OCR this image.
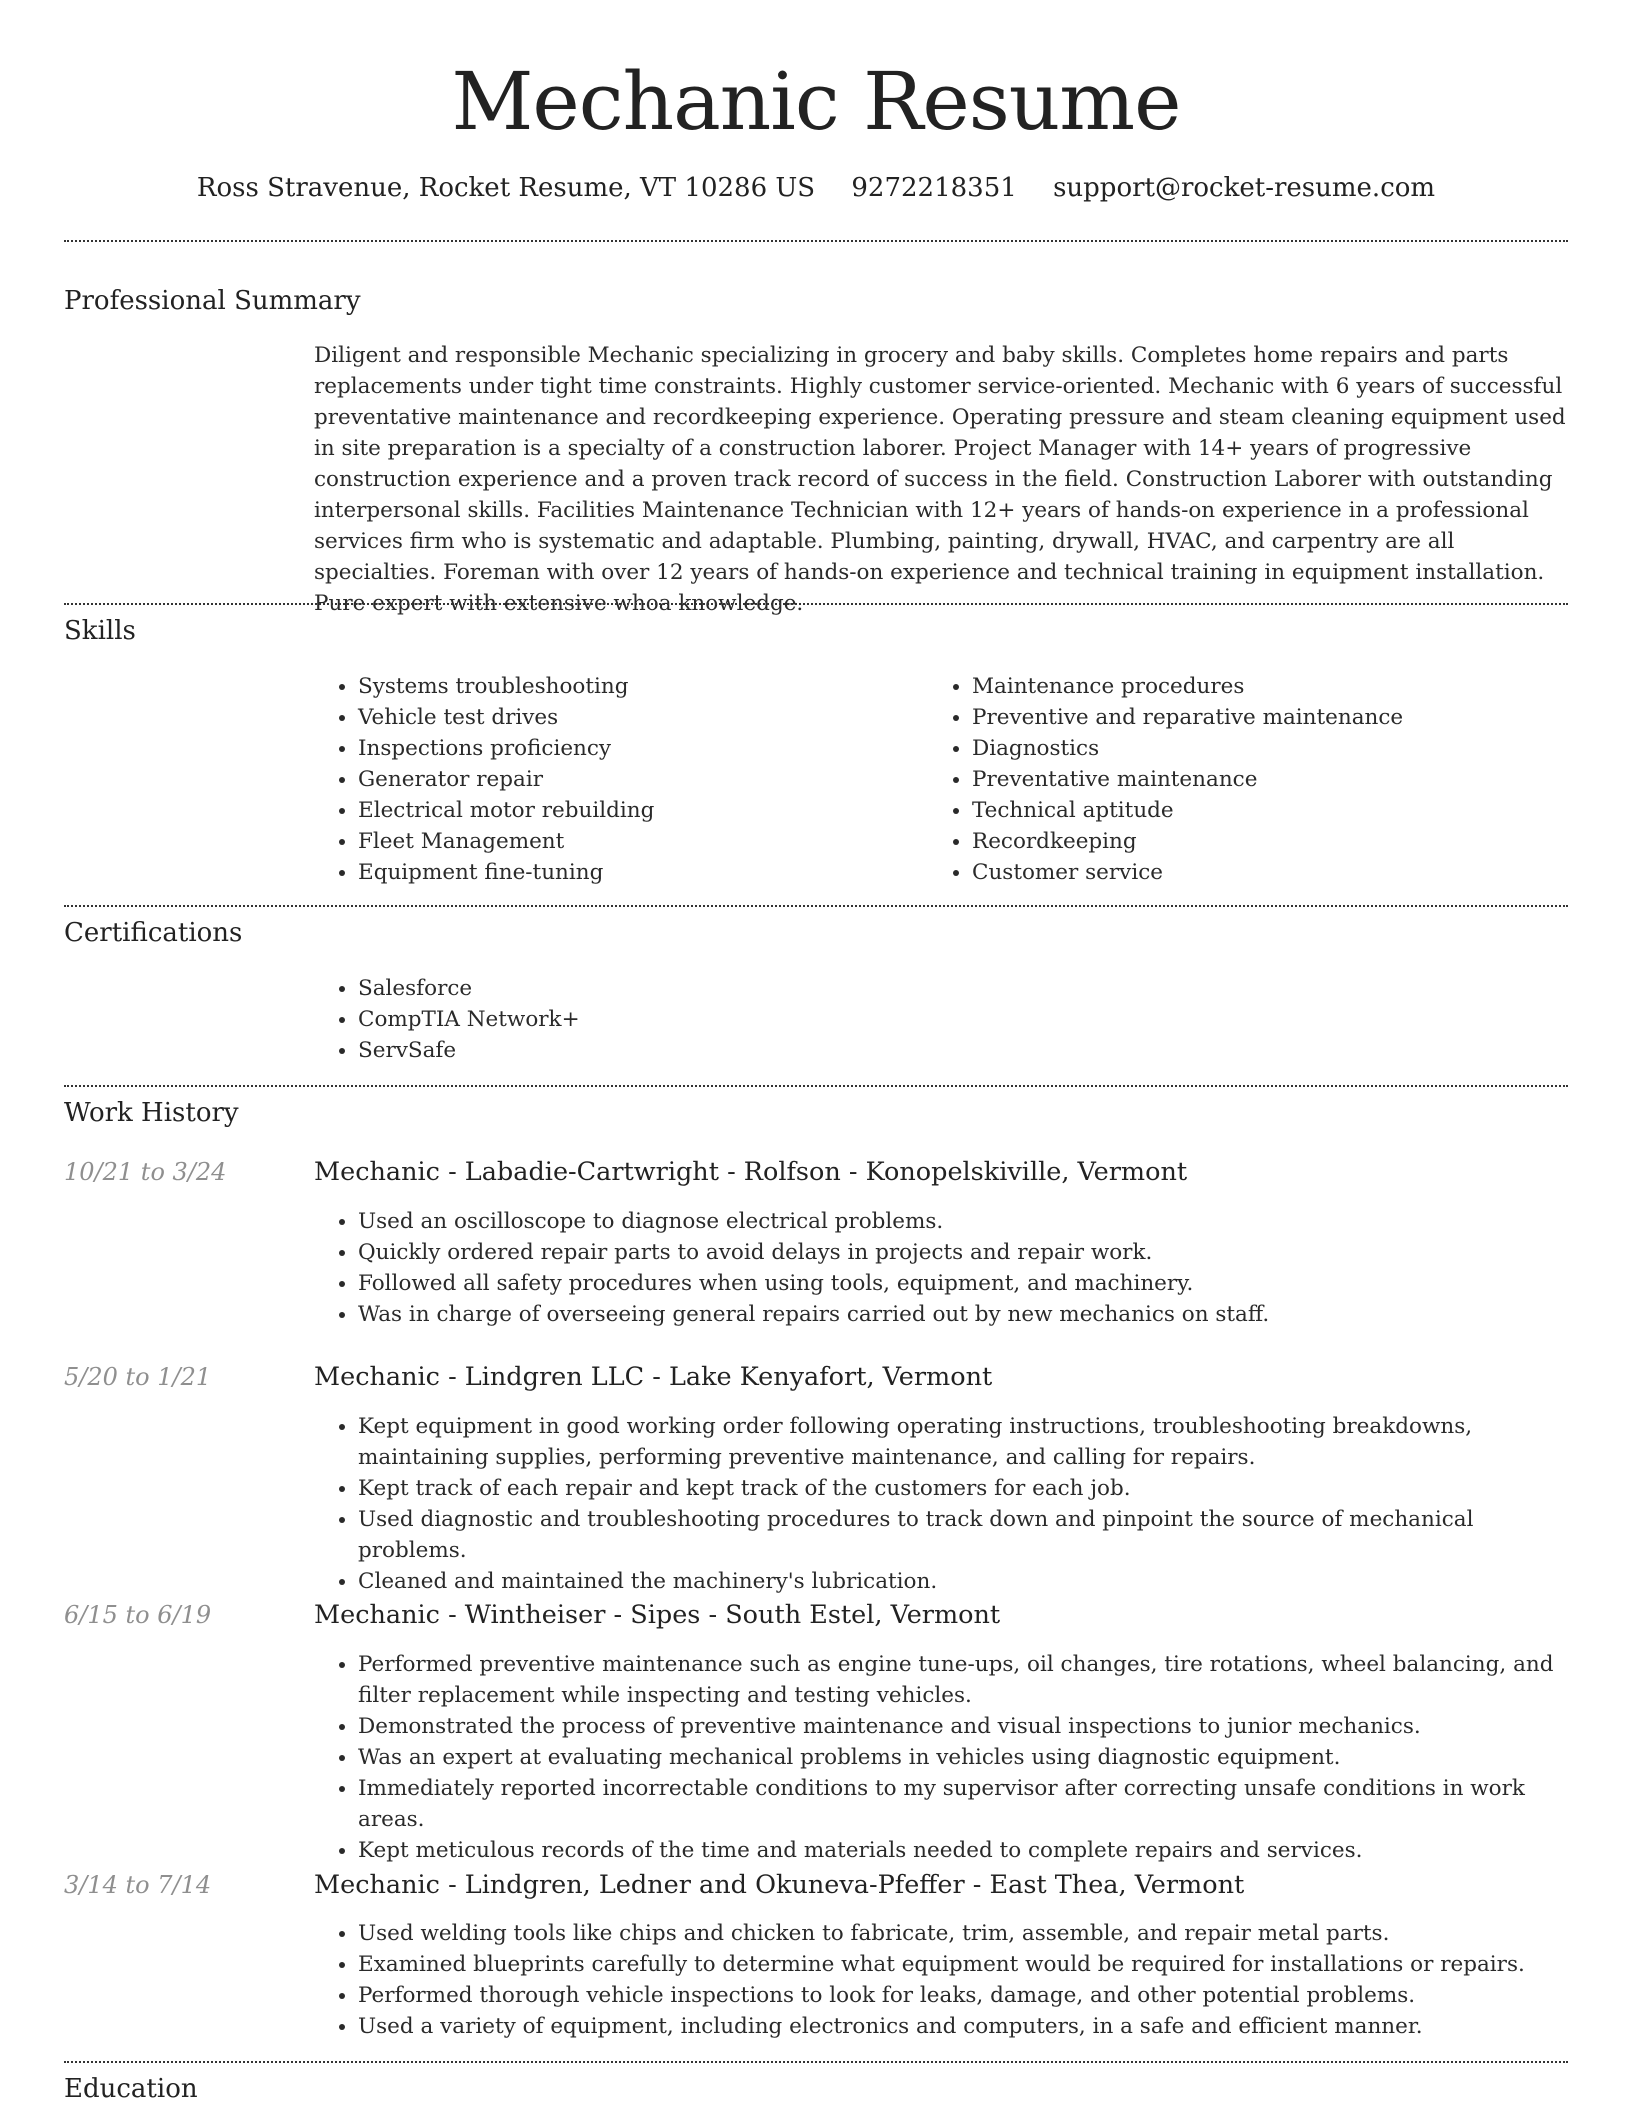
Mechanic Resume
Ross Stravenue, Rocket Resume, VT 10286 US 9272218351 support@rocket-resume.com
Professional Summary

Diligent and responsible Mechanic specializing in grocery and baby skills. Completes home repairs and parts replacements under tight time constraints. Highly customer service-oriented. Mechanic with 6 years of successful preventative maintenance and recordkeeping experience. Operating pressure and steam cleaning equipment used in site preparation is a specialty of a construction laborer. Project Manager with 14+ years of progressive construction experience and a proven track record of success in the field. Construction Laborer with outstanding interpersonal skills. Facilities Maintenance Technician with 12+ years of hands-on experience in a professional services firm who is systematic and adaptable. Plumbing, painting, drywall, HVAC, and carpentry are all specialties. Foreman with over 12 years of hands-on experience and technical training in equipment installation. Pure expert with extensive whoa knowledge.

Skills
• Systems troubleshooting
• Vehicle test drives
• Inspections proficiency
• Generator repair
• Electrical motor rebuilding
• Fleet Management
• Equipment fine-tuning
• Maintenance procedures
• Preventive and reparative maintenance
• Diagnostics
• Preventative maintenance
• Technical aptitude
• Recordkeeping
• Customer service
Certifications
• Salesforce
• CompTIA Network+
• ServSafe
Work History
10/21 to 3/24	Mechanic - Labadie-Cartwright - Rolfson - Konopelskiville, Vermont
• Used an oscilloscope to diagnose electrical problems.
• Quickly ordered repair parts to avoid delays in projects and repair work.
• Followed all safety procedures when using tools, equipment, and machinery.
• Was in charge of overseeing general repairs carried out by new mechanics on staff.
5/20 to 1/21	Mechanic - Lindgren LLC - Lake Kenyafort, Vermont
• Kept equipment in good working order following operating instructions, troubleshooting breakdowns, maintaining supplies, performing preventive maintenance, and calling for repairs.
• Kept track of each repair and kept track of the customers for each job.
• Used diagnostic and troubleshooting procedures to track down and pinpoint the source of mechanical problems.
• Cleaned and maintained the machinery's lubrication.
6/15 to 6/19	Mechanic - Wintheiser - Sipes - South Estel, Vermont
• Performed preventive maintenance such as engine tune-ups, oil changes, tire rotations, wheel balancing, and filter replacement while inspecting and testing vehicles.
• Demonstrated the process of preventive maintenance and visual inspections to junior mechanics.
• Was an expert at evaluating mechanical problems in vehicles using diagnostic equipment.
• Immediately reported incorrectable conditions to my supervisor after correcting unsafe conditions in work areas.
• Kept meticulous records of the time and materials needed to complete repairs and services.
3/14 to 7/14	Mechanic - Lindgren, Ledner and Okuneva-Pfeffer - East Thea, Vermont
• Used welding tools like chips and chicken to fabricate, trim, assemble, and repair metal parts.
• Examined blueprints carefully to determine what equipment would be required for installations or repairs.
• Performed thorough vehicle inspections to look for leaks, damage, and other potential problems.
• Used a variety of equipment, including electronics and computers, in a safe and efficient manner.
Education
